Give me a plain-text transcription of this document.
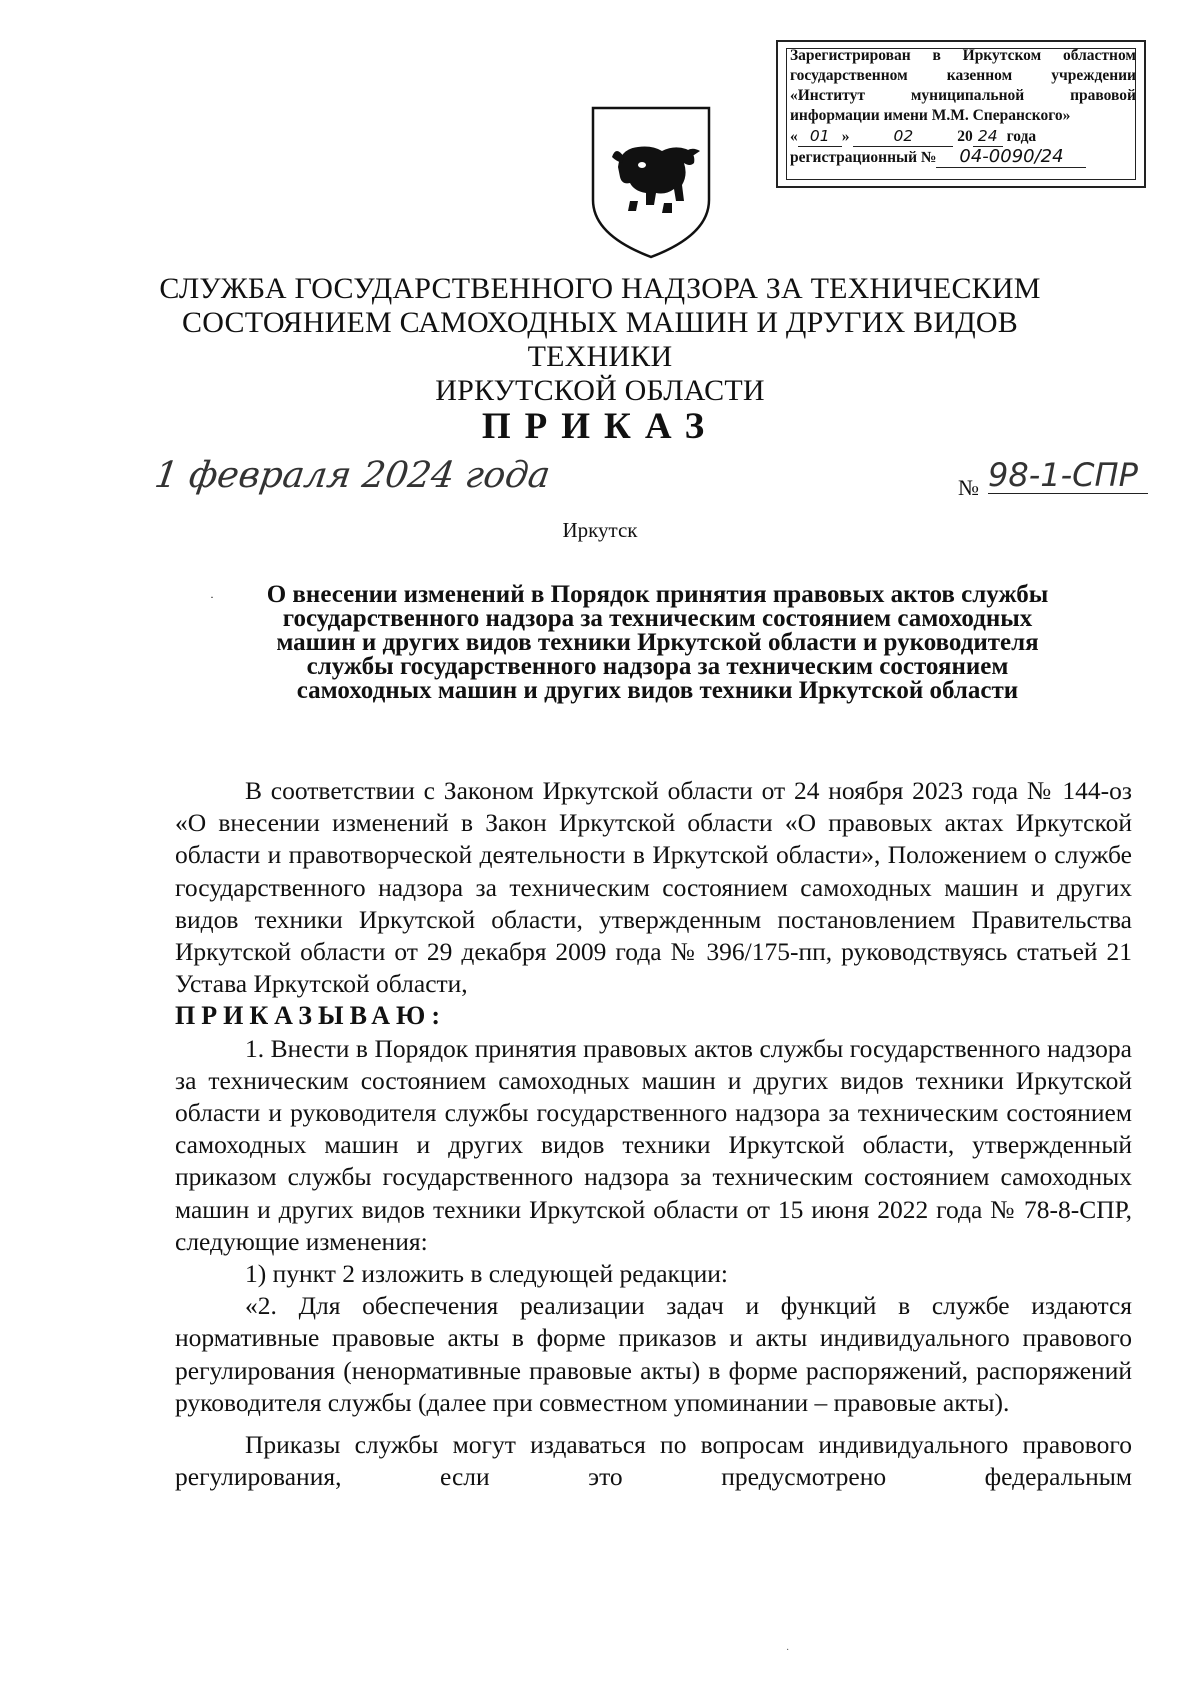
Зарегистрирован в Иркутском областном
государственном казенном учреждении
«Институт муниципальной правовой
информации имени М.М. Сперанского»
« 01 »	02	20 24 года
регистрационный № 04-0090/24
СЛУЖБА ГОСУДАРСТВЕННОГО НАДЗОРА ЗА ТЕХНИЧЕСКИМ
СОСТОЯНИЕМ САМОХОДНЫХ МАШИН И ДРУГИХ ВИДОВ ТЕХНИКИ
ИРКУТСКОЙ ОБЛАСТИ
ПРИКАЗ
1 февраля 2024 года	№ 98-1-СПР
Иркутск
·	О внесении изменений в Порядок принятия правовых актов службы
государственного надзора за техническим состоянием самоходных
машин и других видов техники Иркутской области и руководителя
службы государственного надзора за техническим состоянием
самоходных машин и других видов техники Иркутской области

В соответствии с Законом Иркутской области от 24 ноября 2023 года № 144-оз «О внесении изменений в Закон Иркутской области «О правовых актах Иркутской области и правотворческой деятельности в Иркутской области», Положением о службе государственного надзора за техническим состоянием самоходных машин и других видов техники Иркутской области, утвержденным постановлением Правительства Иркутской области от 29 декабря 2009 года № 396/175-пп, руководствуясь статьей 21 Устава Иркутской области,

ПРИКАЗЫВАЮ:

1. Внести в Порядок принятия правовых актов службы государственного надзора за техническим состоянием самоходных машин и других видов техники Иркутской области и руководителя службы государственного надзора за техническим состоянием самоходных машин и других видов техники Иркутской области, утвержденный приказом службы государственного надзора за техническим состоянием самоходных машин и других видов техники Иркутской области от 15 июня 2022 года № 78-8-СПР, следующие изменения:

1) пункт 2 изложить в следующей редакции:

«2. Для обеспечения реализации задач и функций в службе издаются нормативные правовые акты в форме приказов и акты индивидуального правового регулирования (ненормативные правовые акты) в форме распоряжений, распоряжений руководителя службы (далее при совместном упоминании – правовые акты).

Приказы службы могут издаваться по вопросам индивидуального правового регулирования, если это предусмотрено федеральным

·
